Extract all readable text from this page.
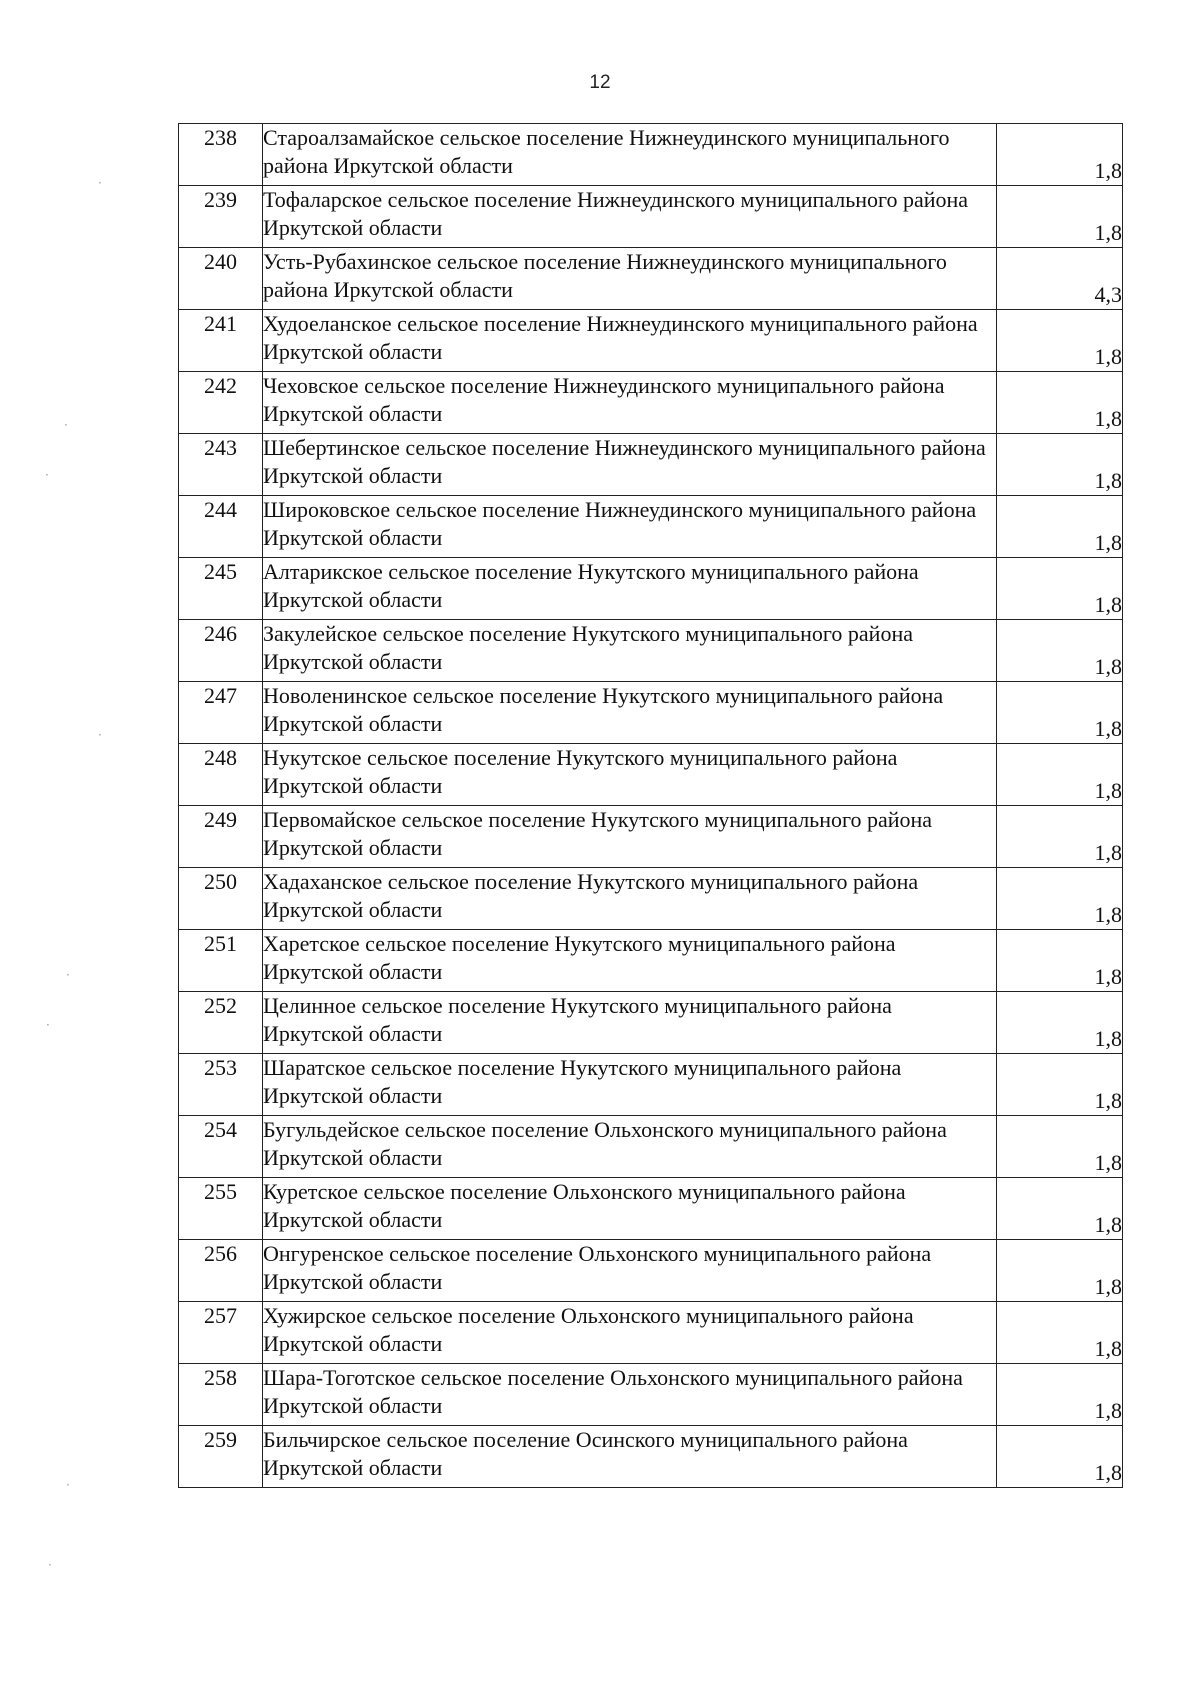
12
238	Староалзамайское сельское поселение Нижнеудинского муниципального района Иркутской области	1,8
239	Тофаларское сельское поселение Нижнеудинского муниципального района Иркутской области	1,8
240	Усть-Рубахинское сельское поселение Нижнеудинского муниципального района Иркутской области	4,3
241	Худоеланское сельское поселение Нижнеудинского муниципального района Иркутской области	1,8
242	Чеховское сельское поселение Нижнеудинского муниципального района Иркутской области	1,8
243	Шебертинское сельское поселение Нижнеудинского муниципального района Иркутской области	1,8
244	Широковское сельское поселение Нижнеудинского муниципального района Иркутской области	1,8
245	Алтарикское сельское поселение Нукутского муниципального района Иркутской области	1,8
246	Закулейское сельское поселение Нукутского муниципального района Иркутской области	1,8
247	Новоленинское сельское поселение Нукутского муниципального района Иркутской области	1,8
248	Нукутское сельское поселение Нукутского муниципального района Иркутской области	1,8
249	Первомайское сельское поселение Нукутского муниципального района Иркутской области	1,8
250	Хадаханское сельское поселение Нукутского муниципального района Иркутской области	1,8
251	Харетское сельское поселение Нукутского муниципального района Иркутской области	1,8
252	Целинное сельское поселение Нукутского муниципального района Иркутской области	1,8
253	Шаратское сельское поселение Нукутского муниципального района Иркутской области	1,8
254	Бугульдейское сельское поселение Ольхонского муниципального района Иркутской области	1,8
255	Куретское сельское поселение Ольхонского муниципального района Иркутской области	1,8
256	Онгуренское сельское поселение Ольхонского муниципального района Иркутской области	1,8
257	Хужирское сельское поселение Ольхонского муниципального района Иркутской области	1,8
258	Шара-Тоготское сельское поселение Ольхонского муниципального района Иркутской области	1,8
259	Бильчирское сельское поселение Осинского муниципального района Иркутской области	1,8
·
·
·
·
·
·
·
·
